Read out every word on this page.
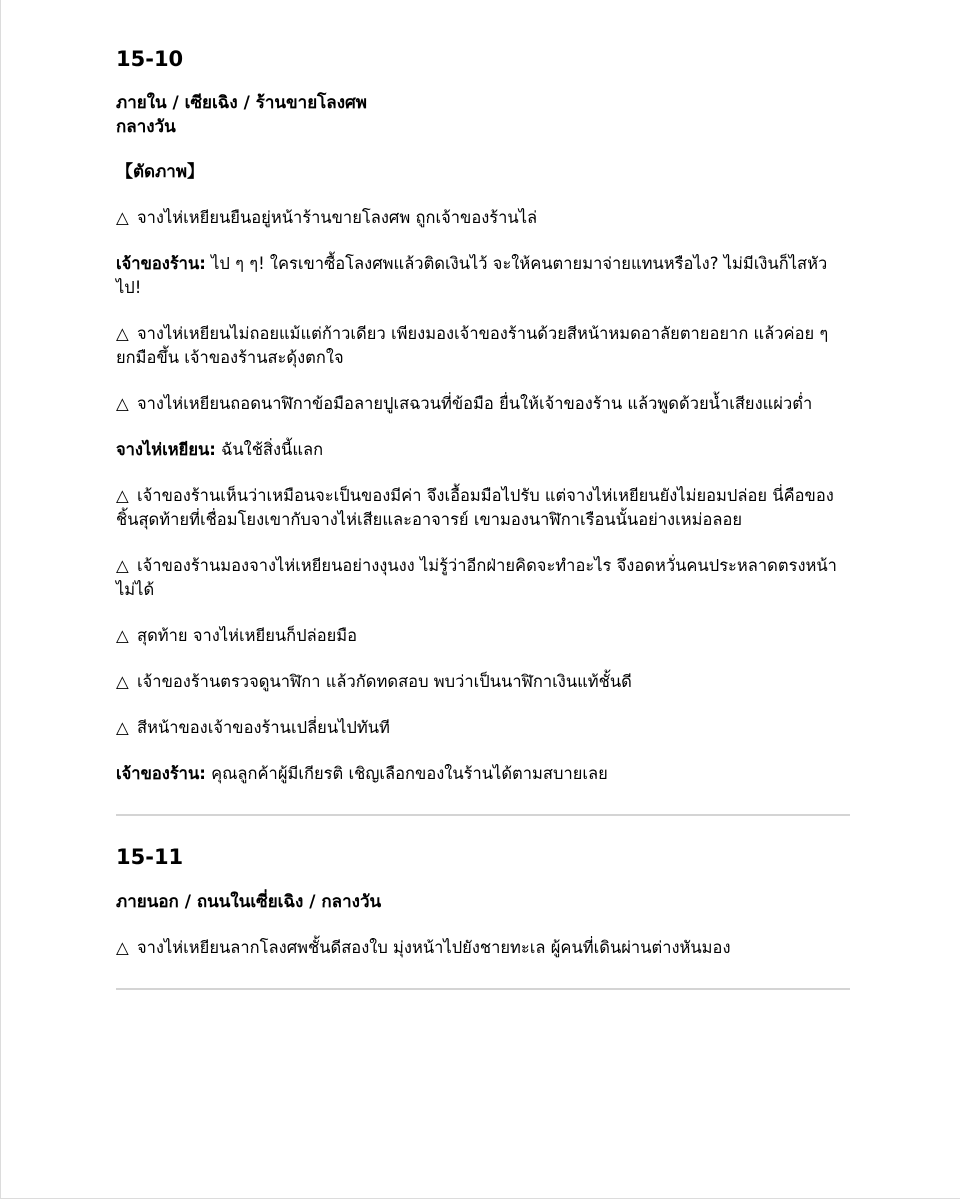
15-10
ภายใน / เซียเฉิง / ร้านขายโลงศพ
กลางวัน
【ตัดภาพ】

△ จางไห่เหยียนยืนอยู่หน้าร้านขายโลงศพ ถูกเจ้าของร้านไล่

เจ้าของร้าน: ไป ๆ ๆ! ใครเขาซื้อโลงศพแล้วติดเงินไว้ จะให้คนตายมาจ่ายแทนหรือไง? ไม่มีเงินก็ไสหัวไป!

△ จางไห่เหยียนไม่ถอยแม้แต่ก้าวเดียว เพียงมองเจ้าของร้านด้วยสีหน้าหมดอาลัยตายอยาก แล้วค่อย ๆ ยกมือขึ้น เจ้าของร้านสะดุ้งตกใจ

△ จางไห่เหยียนถอดนาฬิกาข้อมือลายปูเสฉวนที่ข้อมือ ยื่นให้เจ้าของร้าน แล้วพูดด้วยน้ำเสียงแผ่วต่ำ

จางไห่เหยียน: ฉันใช้สิ่งนี้แลก

△ เจ้าของร้านเห็นว่าเหมือนจะเป็นของมีค่า จึงเอื้อมมือไปรับ แต่จางไห่เหยียนยังไม่ยอมปล่อย นี่คือของชิ้นสุดท้ายที่เชื่อมโยงเขากับจางไห่เสียและอาจารย์ เขามองนาฬิกาเรือนนั้นอย่างเหม่อลอย

△ เจ้าของร้านมองจางไห่เหยียนอย่างงุนงง ไม่รู้ว่าอีกฝ่ายคิดจะทำอะไร จึงอดหวั่นคนประหลาดตรงหน้าไม่ได้

△ สุดท้าย จางไห่เหยียนก็ปล่อยมือ

△ เจ้าของร้านตรวจดูนาฬิกา แล้วกัดทดสอบ พบว่าเป็นนาฬิกาเงินแท้ชั้นดี

△ สีหน้าของเจ้าของร้านเปลี่ยนไปทันที

เจ้าของร้าน: คุณลูกค้าผู้มีเกียรติ เชิญเลือกของในร้านได้ตามสบายเลย

15-11
ภายนอก / ถนนในเซี่ยเฉิง / กลางวัน

△ จางไห่เหยียนลากโลงศพชั้นดีสองใบ มุ่งหน้าไปยังชายทะเล ผู้คนที่เดินผ่านต่างหันมอง
